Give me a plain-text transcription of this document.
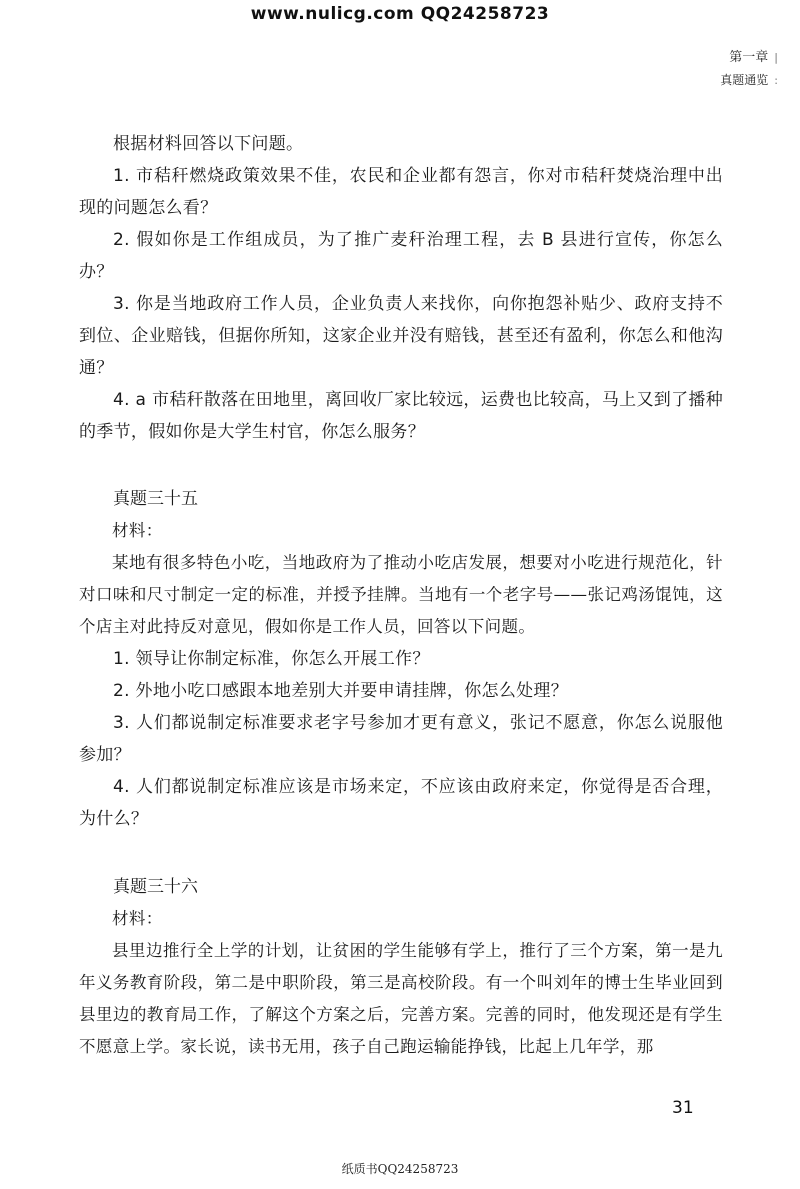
www.nulicg.com QQ24258723
第一章 |
真题通览 :

根据材料回答以下问题。

1. 市秸秆燃烧政策效果不佳，农民和企业都有怨言，你对市秸秆焚烧治理中出现的问题怎么看？

2. 假如你是工作组成员，为了推广麦秆治理工程，去 B 县进行宣传，你怎么办？

3. 你是当地政府工作人员，企业负责人来找你，向你抱怨补贴少、政府支持不到位、企业赔钱，但据你所知，这家企业并没有赔钱，甚至还有盈利，你怎么和他沟通？

4. a 市秸秆散落在田地里，离回收厂家比较远，运费也比较高，马上又到了播种的季节，假如你是大学生村官，你怎么服务？

真题三十五

材料：

某地有很多特色小吃，当地政府为了推动小吃店发展，想要对小吃进行规范化，针对口味和尺寸制定一定的标准，并授予挂牌。当地有一个老字号——张记鸡汤馄饨，这个店主对此持反对意见，假如你是工作人员，回答以下问题。

1. 领导让你制定标准，你怎么开展工作？

2. 外地小吃口感跟本地差别大并要申请挂牌，你怎么处理？

3. 人们都说制定标准要求老字号参加才更有意义，张记不愿意，你怎么说服他参加？

4. 人们都说制定标准应该是市场来定，不应该由政府来定，你觉得是否合理，为什么？

真题三十六

材料：

县里边推行全上学的计划，让贫困的学生能够有学上，推行了三个方案，第一是九年义务教育阶段，第二是中职阶段，第三是高校阶段。有一个叫刘年的博士生毕业回到县里边的教育局工作，了解这个方案之后，完善方案。完善的同时，他发现还是有学生不愿意上学。家长说，读书无用，孩子自己跑运输能挣钱，比起上几年学，那

31
纸质书QQ24258723
